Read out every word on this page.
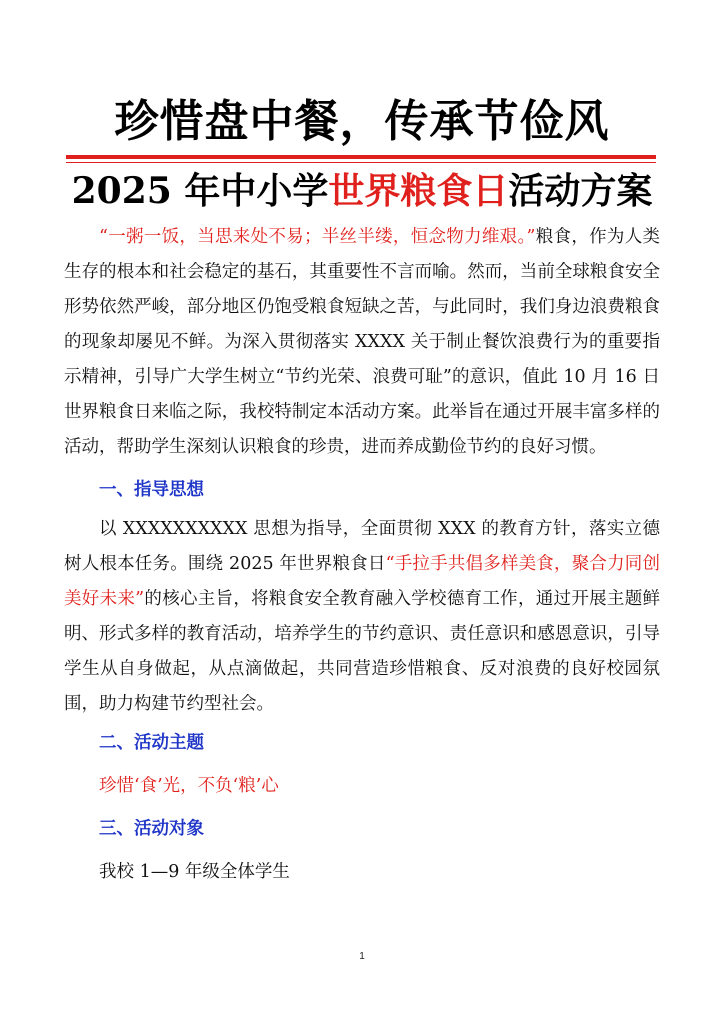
珍惜盘中餐，传承节俭风
2025 年中小学世界粮食日活动方案

“一粥一饭，当思来处不易；半丝半缕，恒念物力维艰。”粮食，作为人类生存的根本和社会稳定的基石，其重要性不言而喻。然而，当前全球粮食安全形势依然严峻，部分地区仍饱受粮食短缺之苦，与此同时，我们身边浪费粮食的现象却屡见不鲜。为深入贯彻落实 XXXX 关于制止餐饮浪费行为的重要指示精神，引导广大学生树立“节约光荣、浪费可耻”的意识，值此 10 月 16 日世界粮食日来临之际，我校特制定本活动方案。此举旨在通过开展丰富多样的活动，帮助学生深刻认识粮食的珍贵，进而养成勤俭节约的良好习惯。

一、指导思想

以 XXXXXXXXXX 思想为指导，全面贯彻 XXX 的教育方针，落实立德树人根本任务。围绕 2025 年世界粮食日“手拉手共倡多样美食，聚合力同创美好未来”的核心主旨，将粮食安全教育融入学校德育工作，通过开展主题鲜明、形式多样的教育活动，培养学生的节约意识、责任意识和感恩意识，引导学生从自身做起，从点滴做起，共同营造珍惜粮食、反对浪费的良好校园氛围，助力构建节约型社会。

二、活动主题

珍惜‘食’光，不负‘粮’心

三、活动对象

我校 1—9 年级全体学生

1
